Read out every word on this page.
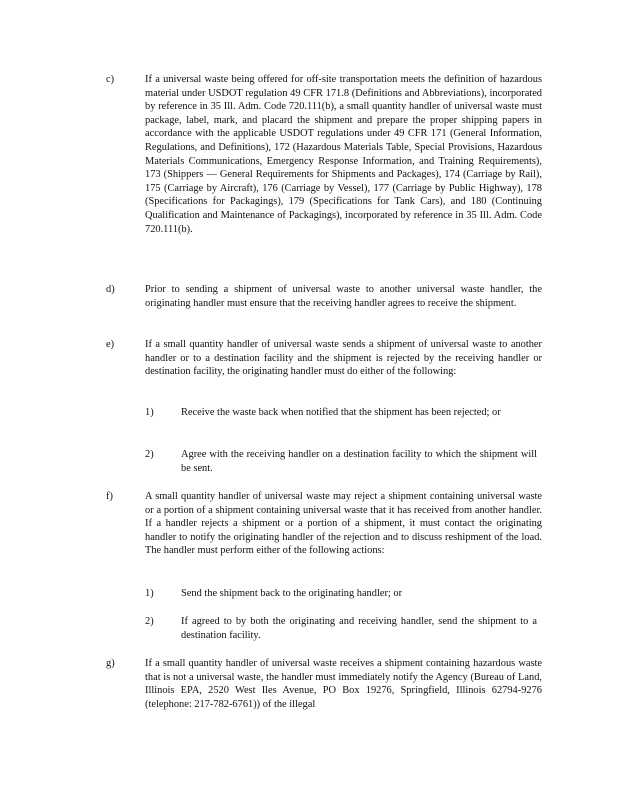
c)	If a universal waste being offered for off-site transportation meets the definition of hazardous material under USDOT regulation 49 CFR 171.8 (Definitions and Abbreviations), incorporated by reference in 35 Ill. Adm. Code 720.111(b), a small quantity handler of universal waste must package, label, mark, and placard the shipment and prepare the proper shipping papers in accordance with the applicable USDOT regulations under 49 CFR 171 (General Information, Regulations, and Definitions), 172 (Hazardous Materials Table, Special Provisions, Hazardous Materials Communications, Emergency Response Information, and Training Requirements), 173 (Shippers — General Requirements for Shipments and Packages), 174 (Carriage by Rail), 175 (Carriage by Aircraft), 176 (Carriage by Vessel), 177 (Carriage by Public Highway), 178 (Specifications for Packagings), 179 (Specifications for Tank Cars), and 180 (Continuing Qualification and Maintenance of Packagings), incorporated by reference in 35 Ill. Adm. Code 720.111(b).
d)	Prior to sending a shipment of universal waste to another universal waste handler, the originating handler must ensure that the receiving handler agrees to receive the shipment.
e)	If a small quantity handler of universal waste sends a shipment of universal waste to another handler or to a destination facility and the shipment is rejected by the receiving handler or destination facility, the originating handler must do either of the following:
1)	Receive the waste back when notified that the shipment has been rejected; or
2)	Agree with the receiving handler on a destination facility to which the shipment will be sent.
f)	A small quantity handler of universal waste may reject a shipment containing universal waste or a portion of a shipment containing universal waste that it has received from another handler. If a handler rejects a shipment or a portion of a shipment, it must contact the originating handler to notify the originating handler of the rejection and to discuss reshipment of the load. The handler must perform either of the following actions:
1)	Send the shipment back to the originating handler; or
2)	If agreed to by both the originating and receiving handler, send the shipment to a destination facility.
g)	If a small quantity handler of universal waste receives a shipment containing hazardous waste that is not a universal waste, the handler must immediately notify the Agency (Bureau of Land, Illinois EPA, 2520 West Iles Avenue, PO Box 19276, Springfield, Illinois 62794-9276 (telephone: 217-782-6761)) of the illegal
